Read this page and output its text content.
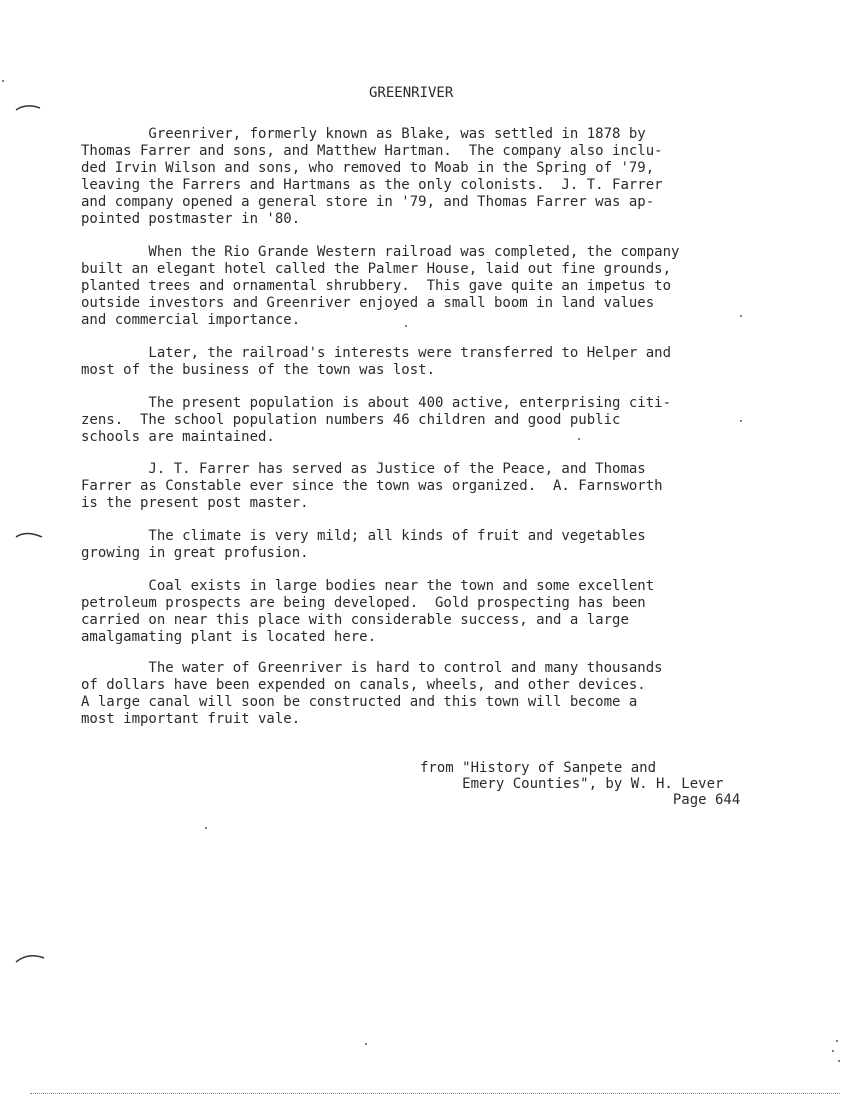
GREENRIVER
Greenriver, formerly known as Blake, was settled in 1878 by
Thomas Farrer and sons, and Matthew Hartman.  The company also inclu-
ded Irvin Wilson and sons, who removed to Moab in the Spring of '79,
leaving the Farrers and Hartmans as the only colonists.  J. T. Farrer
and company opened a general store in '79, and Thomas Farrer was ap-
pointed postmaster in '80.
When the Rio Grande Western railroad was completed, the company
built an elegant hotel called the Palmer House, laid out fine grounds,
planted trees and ornamental shrubbery.  This gave quite an impetus to
outside investors and Greenriver enjoyed a small boom in land values
and commercial importance.
Later, the railroad's interests were transferred to Helper and
most of the business of the town was lost.
The present population is about 400 active, enterprising citi-
zens.  The school population numbers 46 children and good public
schools are maintained.
J. T. Farrer has served as Justice of the Peace, and Thomas
Farrer as Constable ever since the town was organized.  A. Farnsworth
is the present post master.
The climate is very mild; all kinds of fruit and vegetables
growing in great profusion.
Coal exists in large bodies near the town and some excellent
petroleum prospects are being developed.  Gold prospecting has been
carried on near this place with considerable success, and a large
amalgamating plant is located here.
The water of Greenriver is hard to control and many thousands
of dollars have been expended on canals, wheels, and other devices.
A large canal will soon be constructed and this town will become a
most important fruit vale.
from "History of Sanpete and
Emery Counties", by W. H. Lever
Page 644
